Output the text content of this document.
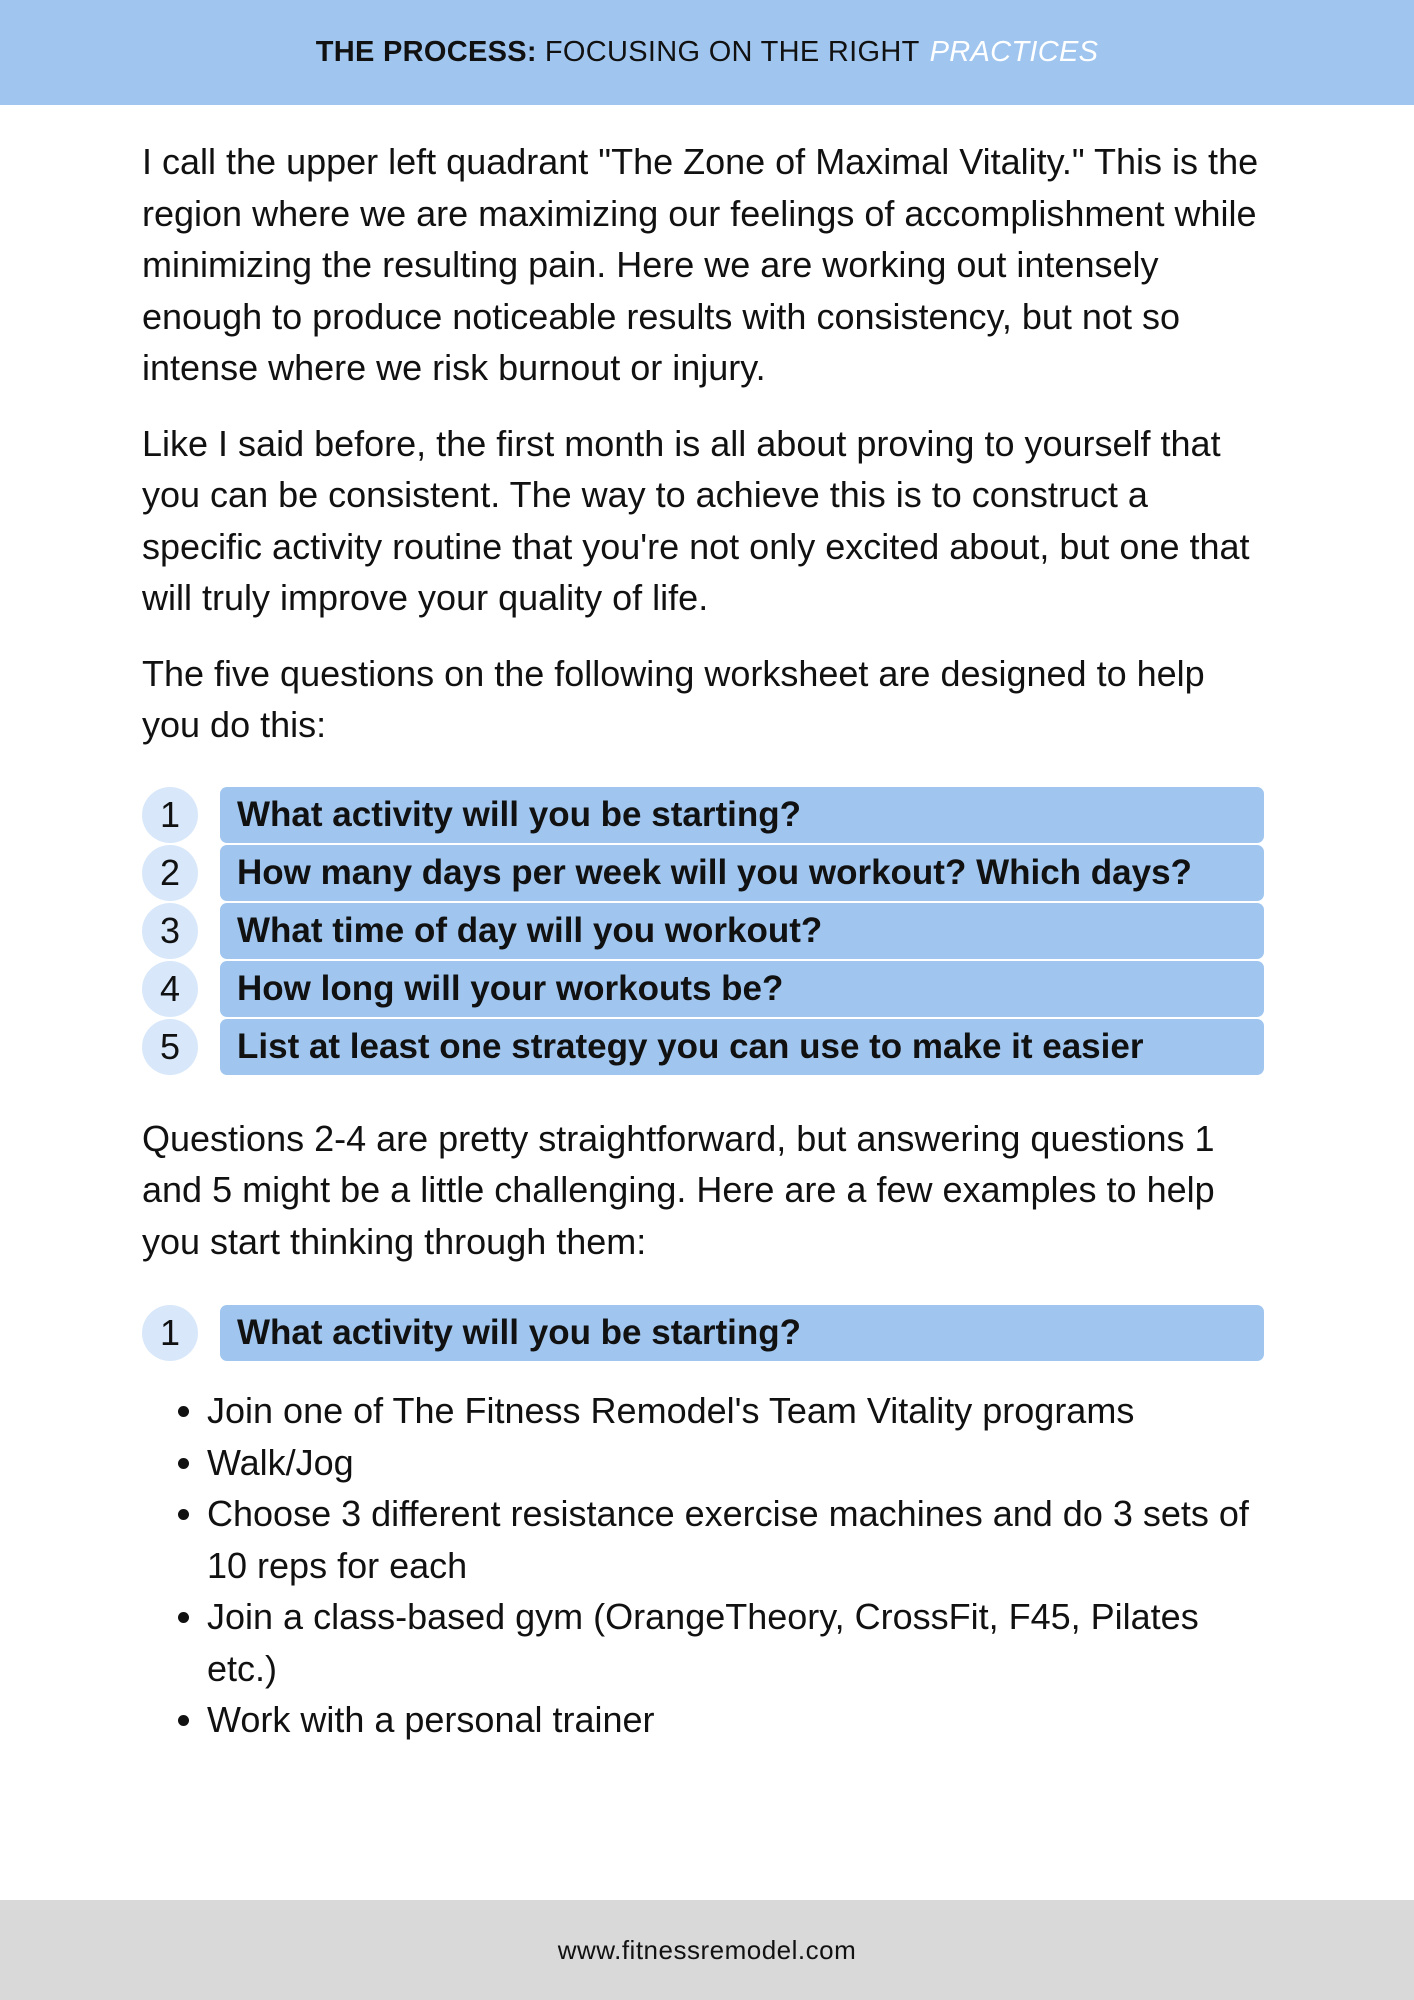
THE PROCESS: FOCUSING ON THE RIGHT PRACTICES

I call the upper left quadrant "The Zone of Maximal Vitality." This is the region where we are maximizing our feelings of accomplishment while minimizing the resulting pain. Here we are working out intensely enough to produce noticeable results with consistency, but not so intense where we risk burnout or injury.

Like I said before, the first month is all about proving to yourself that you can be consistent. The way to achieve this is to construct a specific activity routine that you're not only excited about, but one that will truly improve your quality of life.

The five questions on the following worksheet are designed to help you do this:

1	What activity will you be starting?
2	How many days per week will you workout? Which days?
3	What time of day will you workout?
4	How long will your workouts be?
5	List at least one strategy you can use to make it easier

Questions 2-4 are pretty straightforward, but answering questions 1 and 5 might be a little challenging. Here are a few examples to help you start thinking through them:

1	What activity will you be starting?
• Join one of The Fitness Remodel's Team Vitality programs
• Walk/Jog
• Choose 3 different resistance exercise machines and do 3 sets of 10 reps for each
• Join a class-based gym (OrangeTheory, CrossFit, F45, Pilates etc.)
• Work with a personal trainer
www.fitnessremodel.com
